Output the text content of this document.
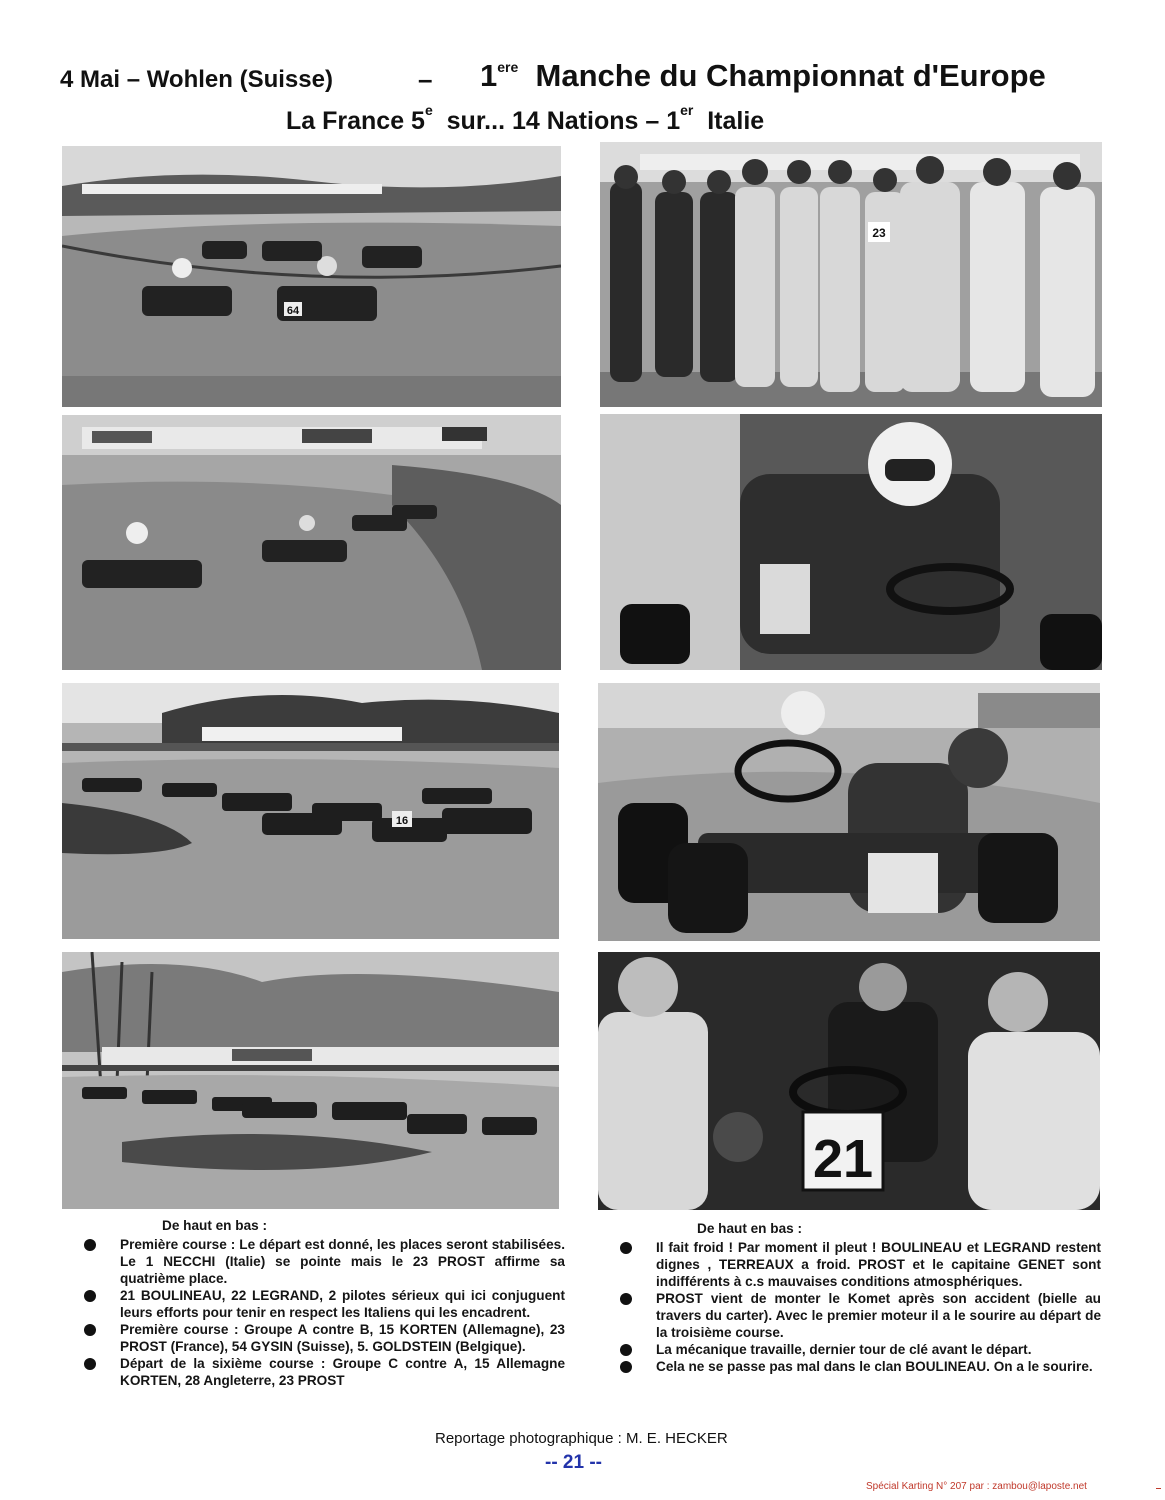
4 Mai – Wohlen (Suisse)	– 1ere Manche du Championnat d'Europe
La France 5e sur... 14 Nations – 1er Italie
64
16
23
21
De haut en bas :
Première course : Le départ est donné, les places seront stabilisées. Le 1 NECCHI (Italie) se pointe mais le 23 PROST affirme sa quatrième place.
21 BOULINEAU, 22 LEGRAND, 2 pilotes sérieux qui ici conjuguent leurs efforts pour tenir en respect les Italiens qui les encadrent.
Première course : Groupe A contre B, 15 KORTEN (Allemagne), 23 PROST (France), 54 GYSIN (Suisse), 5. GOLDSTEIN (Belgique).
Départ de la sixième course : Groupe C contre A, 15 Allemagne KORTEN, 28 Angleterre, 23 PROST
De haut en bas :
Il fait froid ! Par moment il pleut ! BOULINEAU et LEGRAND restent dignes , TERREAUX a froid. PROST et le capitaine GENET sont indifférents à c.s mauvaises conditions atmosphériques.
PROST vient de monter le Komet après son accident (bielle au travers du carter). Avec le premier moteur il a le sourire au départ de la troisième course.
La mécanique travaille, dernier tour de clé avant le départ.
Cela ne se passe pas mal dans le clan BOULINEAU. On a le sourire.
Reportage photographique : M. E. HECKER
-- 21 --
Spécial Karting N° 207 par : zambou@laposte.net
